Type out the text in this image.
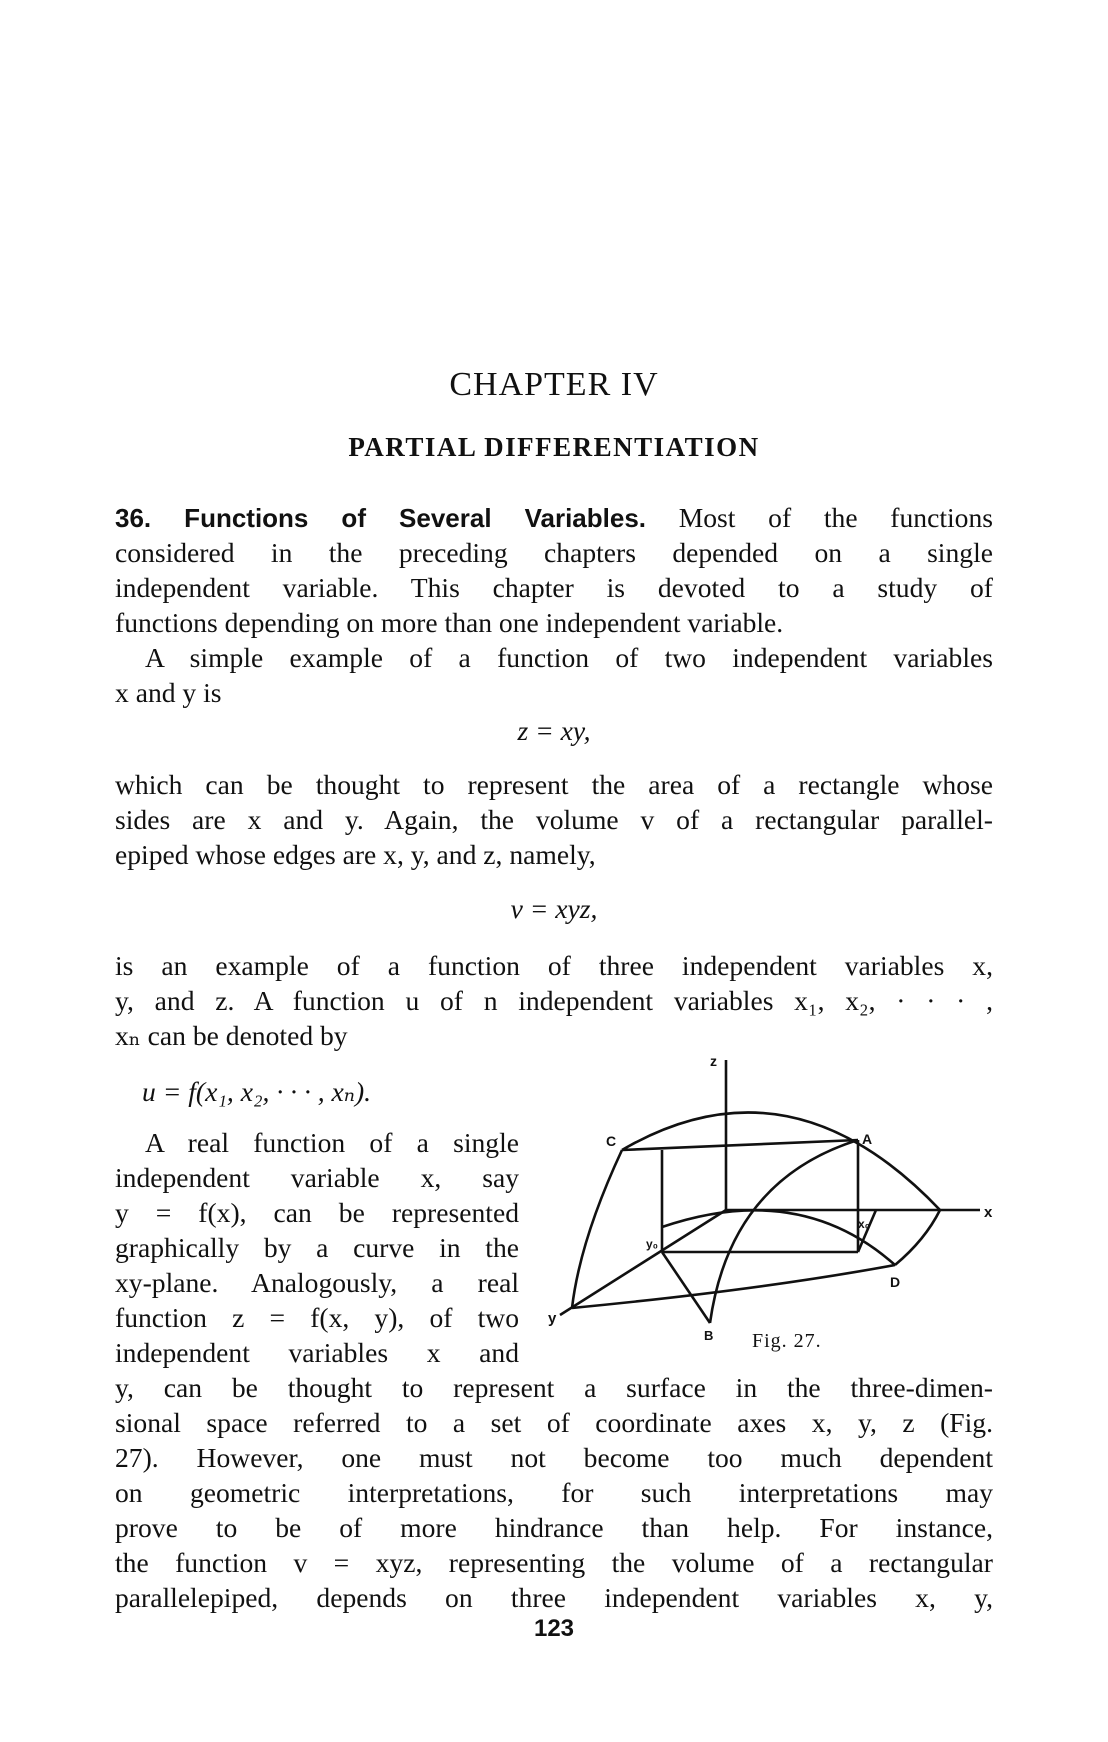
CHAPTER IV
PARTIAL DIFFERENTIATION
36. Functions of Several Variables. Most of the functions
considered in the preceding chapters depended on a single
independent variable. This chapter is devoted to a study of
functions depending on more than one independent variable.
A simple example of a function of two independent variables
x and y is
z = xy,
which can be thought to represent the area of a rectangle whose
sides are x and y. Again, the volume v of a rectangular parallel-
epiped whose edges are x, y, and z, namely,
v = xyz,
is an example of a function of three independent variables x,
y, and z. A function u of n independent variables x₁, x₂, · · · ,
xₙ can be denoted by
u = f(x₁, x₂, · · · , xₙ).
A real function of a single
independent variable x, say
y = f(x), can be represented
graphically by a curve in the
xy-plane. Analogously, a real
function z = f(x, y), of two
independent variables x and
y, can be thought to represent a surface in the three-dimen-
sional space referred to a set of coordinate axes x, y, z (Fig.
27). However, one must not become too much dependent
on geometric interpretations, for such interpretations may
prove to be of more hindrance than help. For instance,
the function v = xyz, representing the volume of a rectangular
parallelepiped, depends on three independent variables x, y,
z
x
y
C	A
B
D
x₀
y₀
Fig. 27.
123
